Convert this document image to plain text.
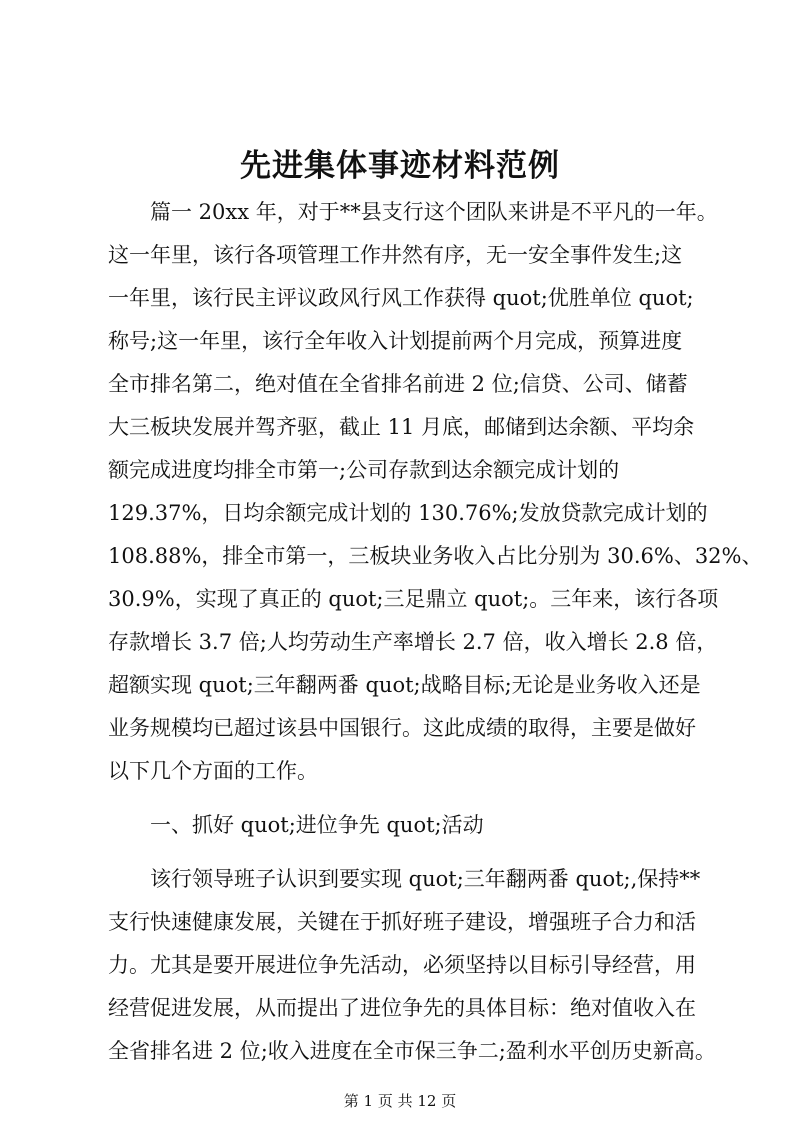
先进集体事迹材料范例

篇一 20xx 年，对于**县支行这个团队来讲是不平凡的一年。

这一年里，该行各项管理工作井然有序，无一安全事件发生;这

一年里，该行民主评议政风行风工作获得 quot;优胜单位 quot;

称号;这一年里，该行全年收入计划提前两个月完成，预算进度

全市排名第二，绝对值在全省排名前进 2 位;信贷、公司、储蓄

大三板块发展并驾齐驱，截止 11 月底，邮储到达余额、平均余

额完成进度均排全市第一;公司存款到达余额完成计划的

129.37%，日均余额完成计划的 130.76%;发放贷款完成计划的

108.88%，排全市第一，三板块业务收入占比分别为 30.6%、32%、

30.9%，实现了真正的 quot;三足鼎立 quot;。三年来，该行各项

存款增长 3.7 倍;人均劳动生产率增长 2.7 倍，收入增长 2.8 倍，

超额实现 quot;三年翻两番 quot;战略目标;无论是业务收入还是

业务规模均已超过该县中国银行。这此成绩的取得，主要是做好

以下几个方面的工作。

一、抓好 quot;进位争先 quot;活动

该行领导班子认识到要实现 quot;三年翻两番 quot;,保持**

支行快速健康发展，关键在于抓好班子建设，增强班子合力和活

力。尤其是要开展进位争先活动，必须坚持以目标引导经营，用

经营促进发展，从而提出了进位争先的具体目标：绝对值收入在

全省排名进 2 位;收入进度在全市保三争二;盈利水平创历史新高。

第 1 页 共 12 页
